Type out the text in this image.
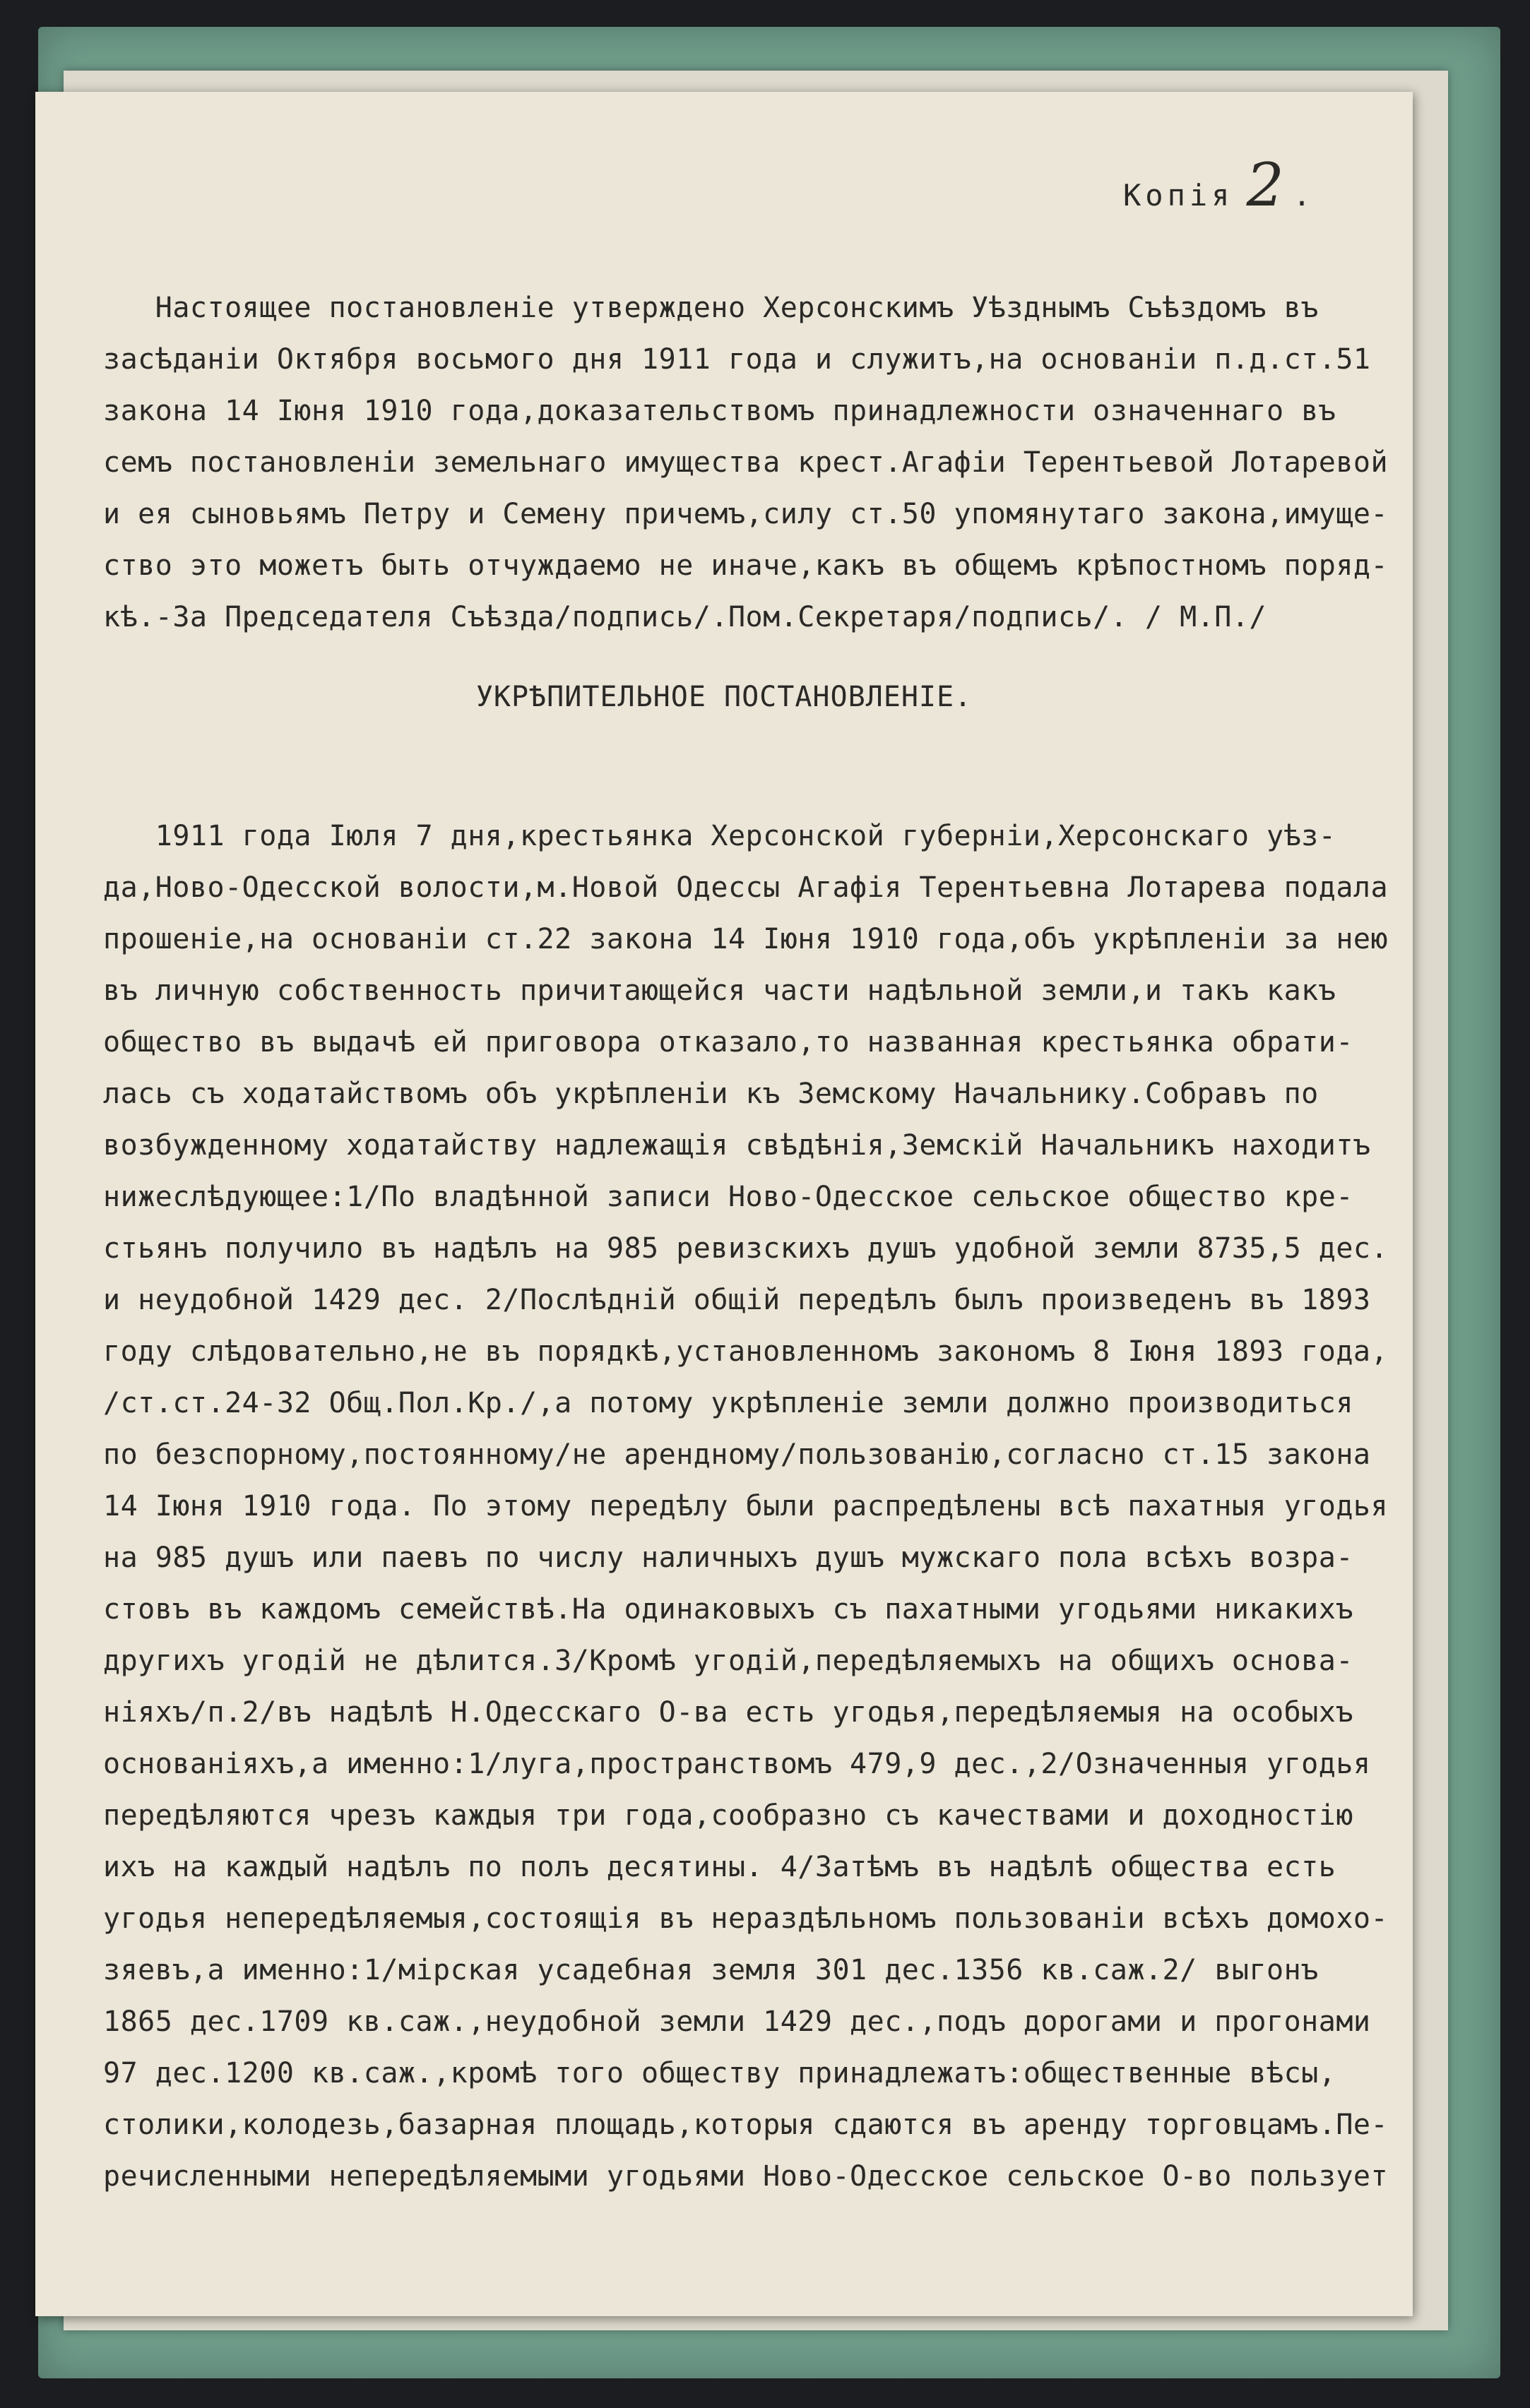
Копія 2 .
Настоящее постановленіе утверждено Херсонскимъ Уѣзднымъ Съѣздомъ въ
засѣданіи Октября восьмого дня 1911 года и служитъ,на основаніи п.д.ст.51
закона 14 Іюня 1910 года,доказательствомъ принадлежности означеннаго въ
семъ постановленіи земельнаго имущества крест.Агафіи Терентьевой Лотаревой
и ея сыновьямъ Петру и Семену причемъ,силу ст.50 упомянутаго закона,имуще-
ство это можетъ быть отчуждаемо не иначе,какъ въ общемъ крѣпостномъ поряд-
кѣ.-За Председателя Съѣзда/подпись/.Пом.Секретаря/подпись/. / М.П./
УКРѢПИТЕЛЬНОЕ ПОСТАНОВЛЕНІЕ.
1911 года Іюля 7 дня,крестьянка Херсонской губерніи,Херсонскаго уѣз-
да,Ново-Одесской волости,м.Новой Одессы Агафія Терентьевна Лотарева подала
прошеніе,на основаніи ст.22 закона 14 Іюня 1910 года,объ укрѣпленіи за нею
въ личную собственность причитающейся части надѣльной земли,и такъ какъ
общество въ выдачѣ ей приговора отказало,то названная крестьянка обрати-
лась съ ходатайствомъ объ укрѣпленіи къ Земскому Начальнику.Собравъ по
возбужденному ходатайству надлежащія свѣдѣнія,Земскій Начальникъ находитъ
нижеслѣдующее:1/По владѣнной записи Ново-Одесское сельское общество кре-
стьянъ получило въ надѣлъ на 985 ревизскихъ душъ удобной земли 8735,5 дес.
и неудобной 1429 дес. 2/Послѣдній общій передѣлъ былъ произведенъ въ 1893
году слѣдовательно,не въ порядкѣ,установленномъ закономъ 8 Іюня 1893 года,
/ст.ст.24-32 Общ.Пол.Кр./,а потому укрѣпленіе земли должно производиться
по безспорному,постоянному/не арендному/пользованію,согласно ст.15 закона
14 Іюня 1910 года. По этому передѣлу были распредѣлены всѣ пахатныя угодья
на 985 душъ или паевъ по числу наличныхъ душъ мужскаго пола всѣхъ возра-
стовъ въ каждомъ семействѣ.На одинаковыхъ съ пахатными угодьями никакихъ
другихъ угодій не дѣлится.3/Кромѣ угодій,передѣляемыхъ на общихъ основа-
ніяхъ/п.2/въ надѣлѣ Н.Одесскаго О-ва есть угодья,передѣляемыя на особыхъ
основаніяхъ,а именно:1/луга,пространствомъ 479,9 дес.,2/Означенныя угодья
передѣляются чрезъ каждыя три года,сообразно съ качествами и доходностію
ихъ на каждый надѣлъ по полъ десятины. 4/Затѣмъ въ надѣлѣ общества есть
угодья непередѣляемыя,состоящія въ нераздѣльномъ пользованіи всѣхъ домохо-
зяевъ,а именно:1/мірская усадебная земля 301 дес.1356 кв.саж.2/ выгонъ
1865 дес.1709 кв.саж.,неудобной земли 1429 дес.,подъ дорогами и прогонами
97 дес.1200 кв.саж.,кромѣ того обществу принадлежатъ:общественные вѣсы,
столики,колодезь,базарная площадь,которыя сдаются въ аренду торговцамъ.Пе-
речисленными непередѣляемыми угодьями Ново-Одесское сельское О-во пользует
